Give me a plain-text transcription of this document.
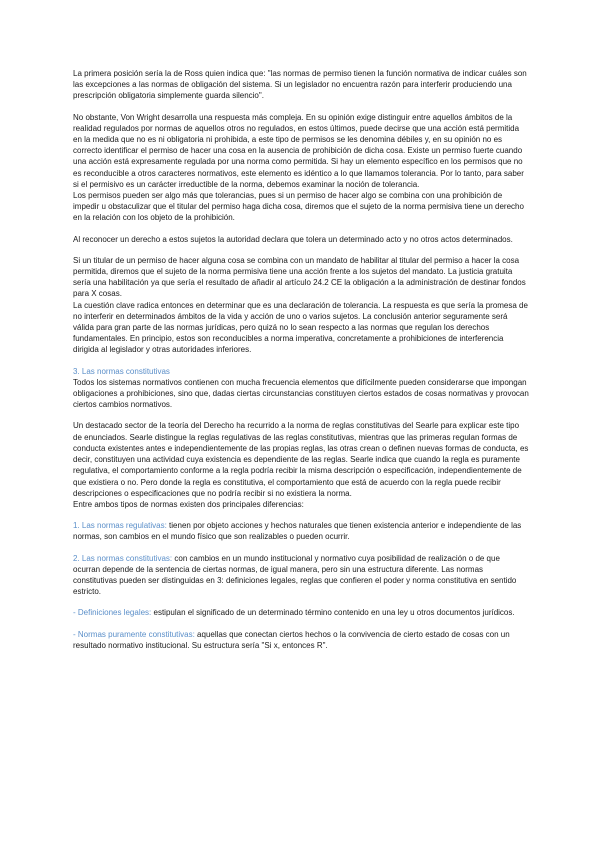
La primera posición sería la de Ross quien indica que: "las normas de permiso tienen la función normativa de indicar cuáles son las excepciones a las normas de obligación del sistema. Si un legislador no encuentra razón para interferir produciendo una prescripción obligatoria simplemente guarda silencio".

No obstante, Von Wright desarrolla una respuesta más compleja. En su opinión exige distinguir entre aquellos ámbitos de la realidad regulados por normas de aquellos otros no regulados, en estos últimos, puede decirse que una acción está permitida en la medida que no es ni obligatoria ni prohibida, a este tipo de permisos se les denomina débiles y, en su opinión no es correcto identificar el permiso de hacer una cosa en la ausencia de prohibición de dicha cosa. Existe un permiso fuerte cuando una acción está expresamente regulada por una norma como permitida. Si hay un elemento específico en los permisos que no es reconducible a otros caracteres normativos, este elemento es idéntico a lo que llamamos tolerancia. Por lo tanto, para saber si el permisivo es un carácter irreductible de la norma, debemos examinar la noción de tolerancia.

Los permisos pueden ser algo más que tolerancias, pues si un permiso de hacer algo se combina con una prohibición de impedir u obstaculizar que el titular del permiso haga dicha cosa, diremos que el sujeto de la norma permisiva tiene un derecho en la relación con los objeto de la prohibición.

Al reconocer un derecho a estos sujetos la autoridad declara que tolera un determinado acto y no otros actos determinados.

Si un titular de un permiso de hacer alguna cosa se combina con un mandato de habilitar al titular del permiso a hacer la cosa permitida, diremos que el sujeto de la norma permisiva tiene una acción frente a los sujetos del mandato. La justicia gratuita sería una habilitación ya que sería el resultado de añadir al artículo 24.2 CE la obligación a la administración de destinar fondos para X cosas.

La cuestión clave radica entonces en determinar que es una declaración de tolerancia. La respuesta es que sería la promesa de no interferir en determinados ámbitos de la vida y acción de uno o varios sujetos. La conclusión anterior seguramente será válida para gran parte de las normas jurídicas, pero quizá no lo sean respecto a las normas que regulan los derechos fundamentales. En principio, estos son reconducibles a norma imperativa, concretamente a prohibiciones de interferencia dirigida al legislador y otras autoridades inferiores.

3. Las normas constitutivas

Todos los sistemas normativos contienen con mucha frecuencia elementos que difícilmente pueden considerarse que impongan obligaciones a prohibiciones, sino que, dadas ciertas circunstancias constituyen ciertos estados de cosas normativas y provocan ciertos cambios normativos.

Un destacado sector de la teoría del Derecho ha recurrido a la norma de reglas constitutivas del Searle para explicar este tipo de enunciados. Searle distingue la reglas regulativas de las reglas constitutivas, mientras que las primeras regulan formas de conducta existentes antes e independientemente de las propias reglas, las otras crean o definen nuevas formas de conducta, es decir, constituyen una actividad cuya existencia es dependiente de las reglas. Searle indica que cuando la regla es puramente regulativa, el comportamiento conforme a la regla podría recibir la misma descripción o especificación, independientemente de que existiera o no. Pero donde la regla es constitutiva, el comportamiento que está de acuerdo con la regla puede recibir descripciones o especificaciones que no podría recibir si no existiera la norma.

Entre ambos tipos de normas existen dos principales diferencias:

1. Las normas regulativas: tienen por objeto acciones y hechos naturales que tienen existencia anterior e independiente de las normas, son cambios en el mundo físico que son realizables o pueden ocurrir.

2. Las normas constitutivas: con cambios en un mundo institucional y normativo cuya posibilidad de realización o de que ocurran depende de la sentencia de ciertas normas, de igual manera, pero sin una estructura diferente. Las normas constitutivas pueden ser distinguidas en 3: definiciones legales, reglas que confieren el poder y norma constitutiva en sentido estricto.

- Definiciones legales: estipulan el significado de un determinado término contenido en una ley u otros documentos jurídicos.

- Normas puramente constitutivas: aquellas que conectan ciertos hechos o la convivencia de cierto estado de cosas con un resultado normativo institucional. Su estructura sería "Si x, entonces R".
